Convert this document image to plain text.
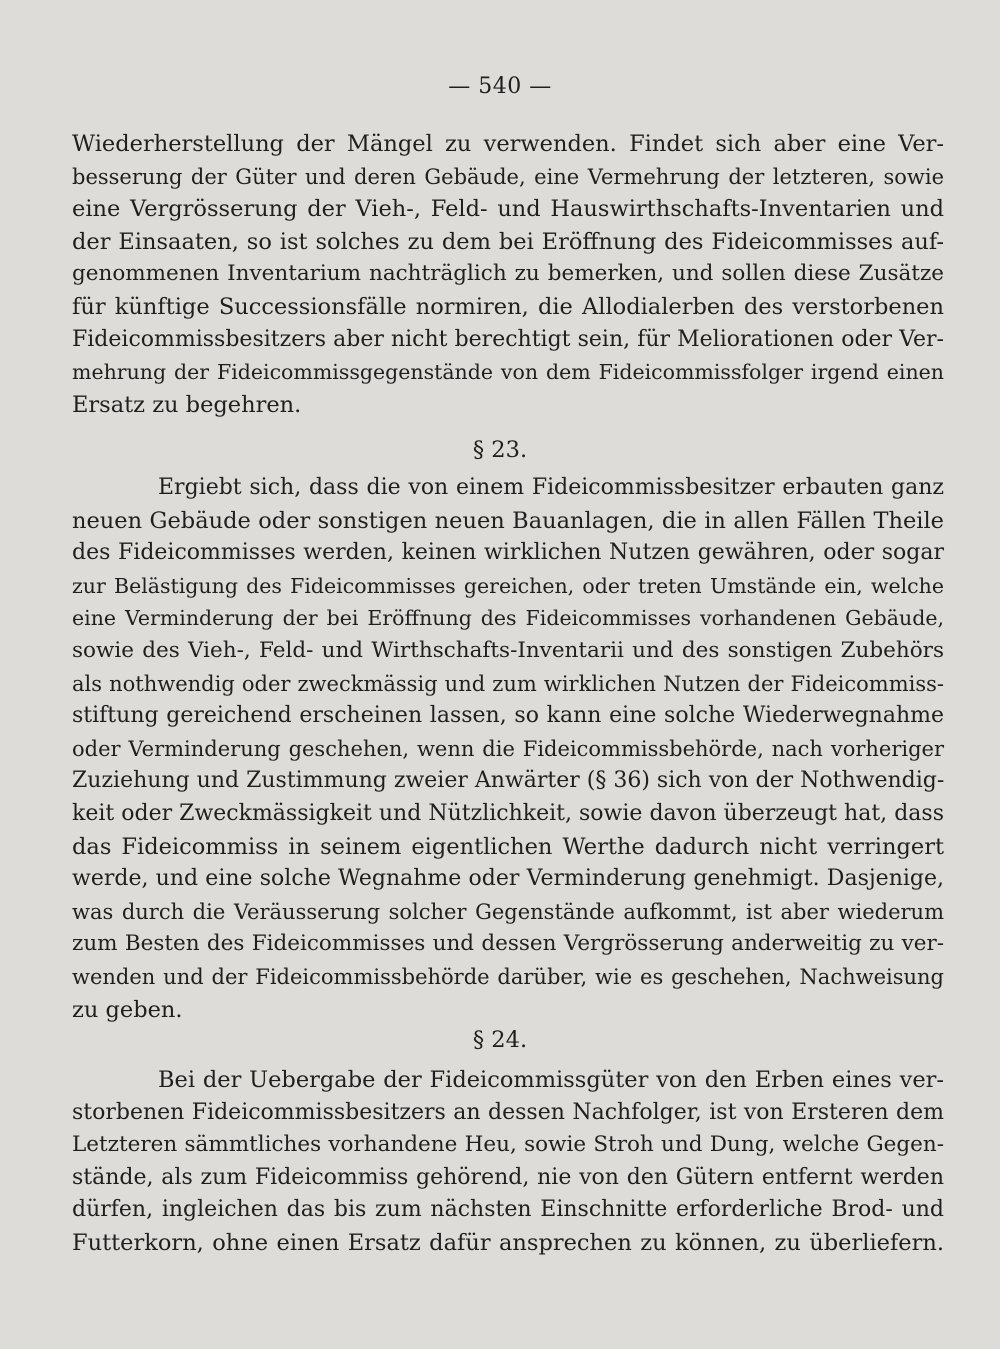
— 540 —
Wiederherstellung der Mängel zu verwenden. Findet sich aber eine Ver-
besserung der Güter und deren Gebäude, eine Vermehrung der letzteren, sowie
eine Vergrösserung der Vieh-, Feld- und Hauswirthschafts-Inventarien und
der Einsaaten, so ist solches zu dem bei Eröffnung des Fideicommisses auf-
genommenen Inventarium nachträglich zu bemerken, und sollen diese Zusätze
für künftige Successionsfälle normiren, die Allodialerben des verstorbenen
Fideicommissbesitzers aber nicht berechtigt sein, für Meliorationen oder Ver-
mehrung der Fideicommissgegenstände von dem Fideicommissfolger irgend einen
Ersatz zu begehren.
§ 23.
Ergiebt sich, dass die von einem Fideicommissbesitzer erbauten ganz
neuen Gebäude oder sonstigen neuen Bauanlagen, die in allen Fällen Theile
des Fideicommisses werden, keinen wirklichen Nutzen gewähren, oder sogar
zur Belästigung des Fideicommisses gereichen, oder treten Umstände ein, welche
eine Verminderung der bei Eröffnung des Fideicommisses vorhandenen Gebäude,
sowie des Vieh-, Feld- und Wirthschafts-Inventarii und des sonstigen Zubehörs
als nothwendig oder zweckmässig und zum wirklichen Nutzen der Fideicommiss-
stiftung gereichend erscheinen lassen, so kann eine solche Wiederwegnahme
oder Verminderung geschehen, wenn die Fideicommissbehörde, nach vorheriger
Zuziehung und Zustimmung zweier Anwärter (§ 36) sich von der Nothwendig-
keit oder Zweckmässigkeit und Nützlichkeit, sowie davon überzeugt hat, dass
das Fideicommiss in seinem eigentlichen Werthe dadurch nicht verringert
werde, und eine solche Wegnahme oder Verminderung genehmigt. Dasjenige,
was durch die Veräusserung solcher Gegenstände aufkommt, ist aber wiederum
zum Besten des Fideicommisses und dessen Vergrösserung anderweitig zu ver-
wenden und der Fideicommissbehörde darüber, wie es geschehen, Nachweisung
zu geben.
§ 24.
Bei der Uebergabe der Fideicommissgüter von den Erben eines ver-
storbenen Fideicommissbesitzers an dessen Nachfolger, ist von Ersteren dem
Letzteren sämmtliches vorhandene Heu, sowie Stroh und Dung, welche Gegen-
stände, als zum Fideicommiss gehörend, nie von den Gütern entfernt werden
dürfen, ingleichen das bis zum nächsten Einschnitte erforderliche Brod- und
Futterkorn, ohne einen Ersatz dafür ansprechen zu können, zu überliefern.
